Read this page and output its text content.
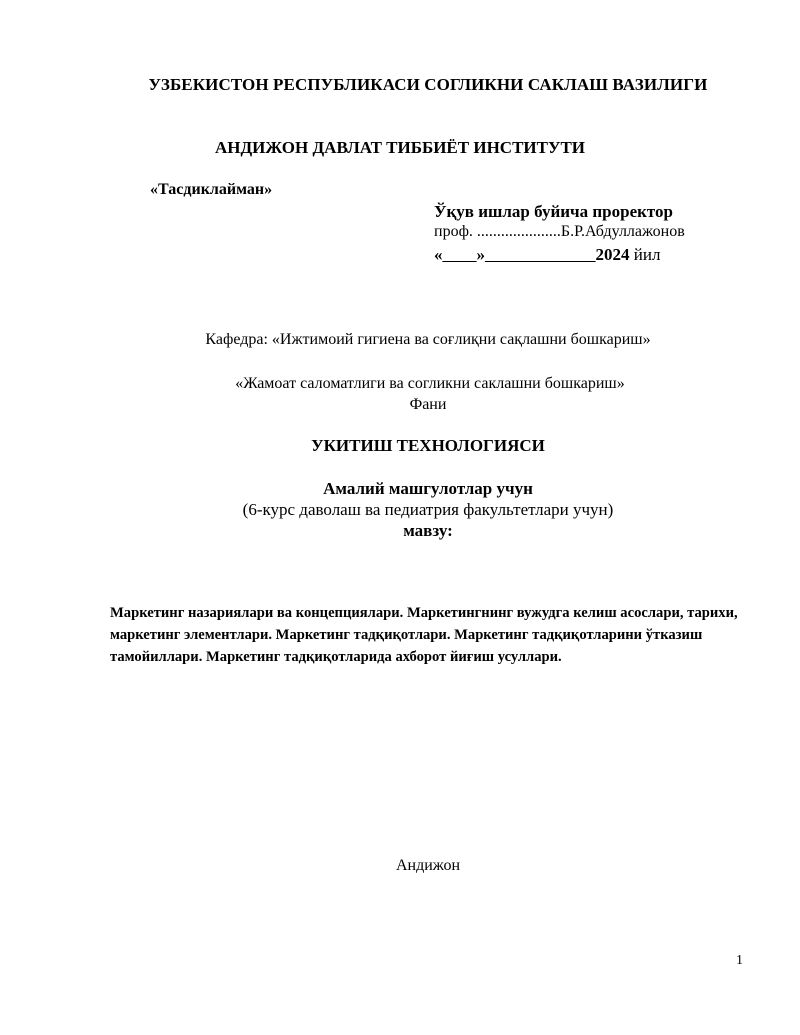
УЗБЕКИСТОН РЕСПУБЛИКАСИ СОГЛИКНИ САКЛАШ ВАЗИЛИГИ
АНДИЖОН ДАВЛАТ ТИББИЁТ ИНСТИТУТИ
«Тасдиклайман»
Ўқув ишлар буйича проректор
проф. .....................Б.Р.Абдуллажонов
«____»_____________2024 йил
Кафедра: «Ижтимоий гигиена ва соғлиқни сақлашни бошкариш»
«Жамоат саломатлиги ва согликни саклашни бошкариш»
Фани
УКИТИШ ТЕХНОЛОГИЯСИ
Амалий машгулотлар учун
(6-курс даволаш ва педиатрия факультетлари учун)
мавзу:
Маркетинг назариялари ва концепциялари. Маркетингнинг вужудга келиш асослари, тарихи, маркетинг элементлари. Маркетинг тадқиқотлари. Маркетинг тадқиқотларини ўтказиш тамойиллари. Маркетинг тадқиқотларида ахборот йиғиш усуллари.
Андижон
1
